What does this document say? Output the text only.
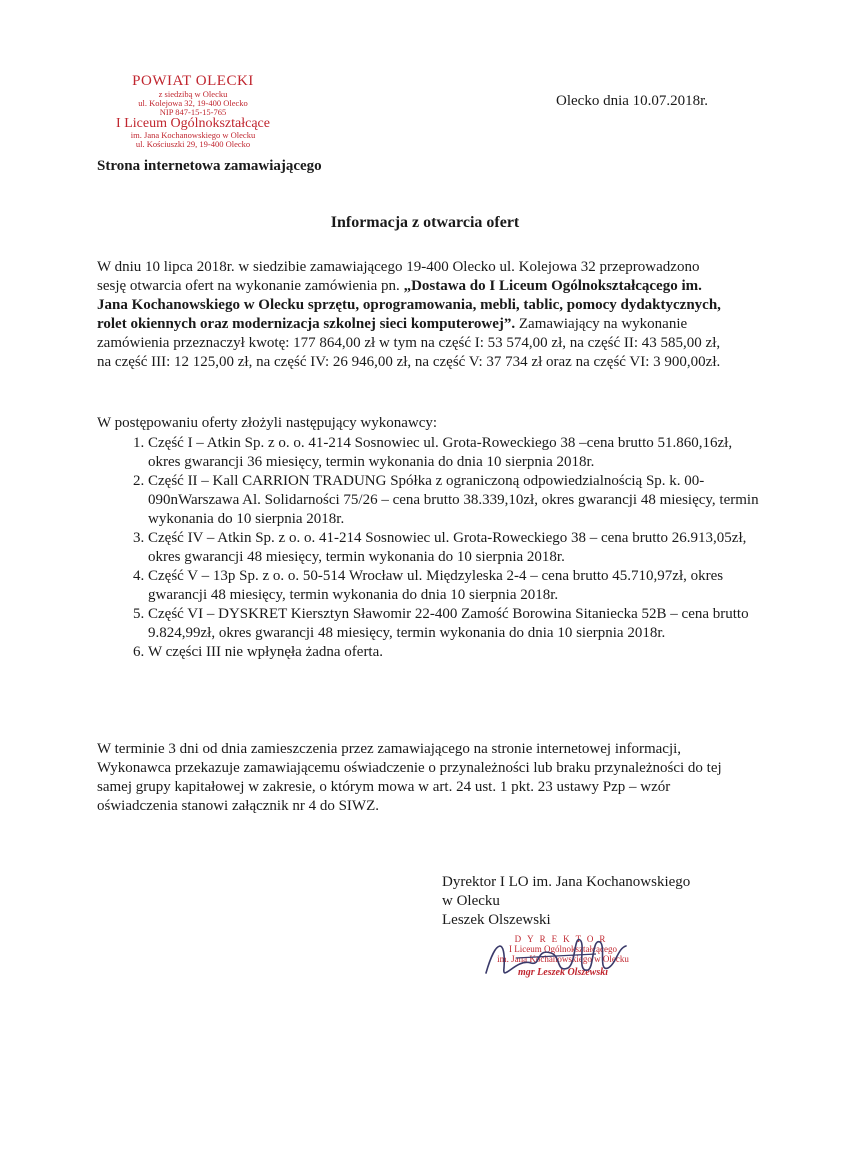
POWIAT OLECKI
z siedzibą w Olecku
ul. Kolejowa 32, 19-400 Olecko
NIP 847-15-15-765
I Liceum Ogólnokształcące
im. Jana Kochanowskiego w Olecku
ul. Kościuszki 29, 19-400 Olecko
Olecko dnia 10.07.2018r.
Strona internetowa zamawiającego
Informacja z otwarcia ofert
W dniu 10 lipca 2018r. w siedzibie zamawiającego 19-400 Olecko ul. Kolejowa 32 przeprowadzono sesję otwarcia ofert na wykonanie zamówienia pn. „Dostawa do I Liceum Ogólnokształcącego im. Jana Kochanowskiego w Olecku sprzętu, oprogramowania, mebli, tablic, pomocy dydaktycznych, rolet okiennych oraz modernizacja szkolnej sieci komputerowej”. Zamawiający na wykonanie zamówienia przeznaczył kwotę: 177 864,00 zł w tym na część I: 53 574,00 zł, na część II: 43 585,00 zł, na część III: 12 125,00 zł, na część IV: 26 946,00 zł, na część V: 37 734 zł oraz na część VI: 3 900,00zł.
W postępowaniu oferty złożyli następujący wykonawcy:
1. Część I – Atkin Sp. z o. o. 41-214 Sosnowiec ul. Grota-Roweckiego 38 –cena brutto 51.860,16zł, okres gwarancji 36 miesięcy, termin wykonania do dnia 10 sierpnia 2018r.
2. Część II – Kall CARRION TRADUNG Spółka z ograniczoną odpowiedzialnością Sp. k. 00-090nWarszawa Al. Solidarności 75/26 – cena brutto 38.339,10zł, okres gwarancji 48 miesięcy, termin wykonania do 10 sierpnia 2018r.
3. Część IV – Atkin Sp. z o. o. 41-214 Sosnowiec ul. Grota-Roweckiego 38 – cena brutto 26.913,05zł, okres gwarancji 48 miesięcy, termin wykonania do 10 sierpnia 2018r.
4. Część V – 13p Sp. z o. o. 50-514 Wrocław ul. Międzyleska 2-4 – cena brutto 45.710,97zł, okres gwarancji 48 miesięcy, termin wykonania do dnia 10 sierpnia 2018r.
5. Część VI – DYSKRET Kiersztyn Sławomir 22-400 Zamość Borowina Sitaniecka 52B – cena brutto 9.824,99zł, okres gwarancji 48 miesięcy, termin wykonania do dnia 10 sierpnia 2018r.
6. W części III nie wpłynęła żadna oferta.
W terminie 3 dni od dnia zamieszczenia przez zamawiającego na stronie internetowej informacji, Wykonawca przekazuje zamawiającemu oświadczenie o przynależności lub braku przynależności do tej samej grupy kapitałowej w zakresie, o którym mowa w art. 24 ust. 1 pkt. 23 ustawy Pzp – wzór oświadczenia stanowi załącznik nr 4 do SIWZ.
Dyrektor I LO im. Jana Kochanowskiego
w Olecku
Leszek Olszewski
DYREKTOR
I Liceum Ogólnokształcącego
im. Jana Kochanowskiego w Olecku
mgr Leszek Olszewski
